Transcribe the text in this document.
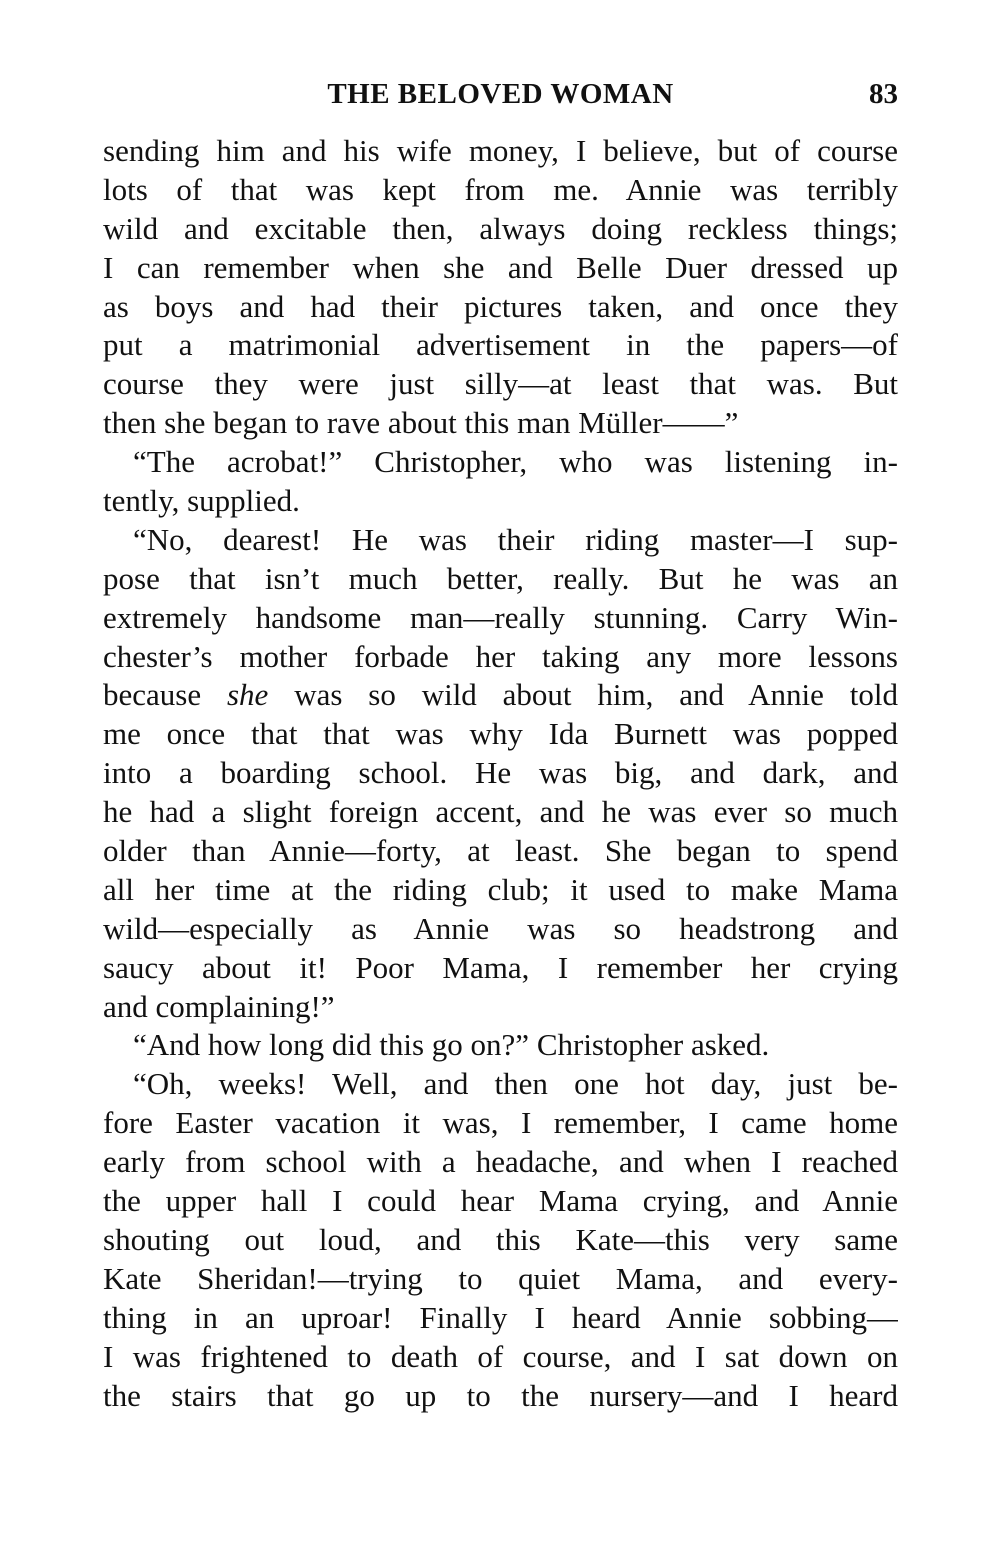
THE BELOVED WOMAN	83
sending him and his wife money, I believe, but of course
lots of that was kept from me. Annie was terribly
wild and excitable then, always doing reckless things;
I can remember when she and Belle Duer dressed up
as boys and had their pictures taken, and once they
put a matrimonial advertisement in the papers—of
course they were just silly—at least that was. But
then she began to rave about this man Müller——”
“The acrobat!” Christopher, who was listening in-
tently, supplied.
“No, dearest! He was their riding master—I sup-
pose that isn’t much better, really. But he was an
extremely handsome man—really stunning. Carry Win-
chester’s mother forbade her taking any more lessons
because she was so wild about him, and Annie told
me once that that was why Ida Burnett was popped
into a boarding school. He was big, and dark, and
he had a slight foreign accent, and he was ever so much
older than Annie—forty, at least. She began to spend
all her time at the riding club; it used to make Mama
wild—especially as Annie was so headstrong and
saucy about it! Poor Mama, I remember her crying
and complaining!”
“And how long did this go on?” Christopher asked.
“Oh, weeks! Well, and then one hot day, just be-
fore Easter vacation it was, I remember, I came home
early from school with a headache, and when I reached
the upper hall I could hear Mama crying, and Annie
shouting out loud, and this Kate—this very same
Kate Sheridan!—trying to quiet Mama, and every-
thing in an uproar! Finally I heard Annie sobbing—
I was frightened to death of course, and I sat down on
the stairs that go up to the nursery—and I heard
